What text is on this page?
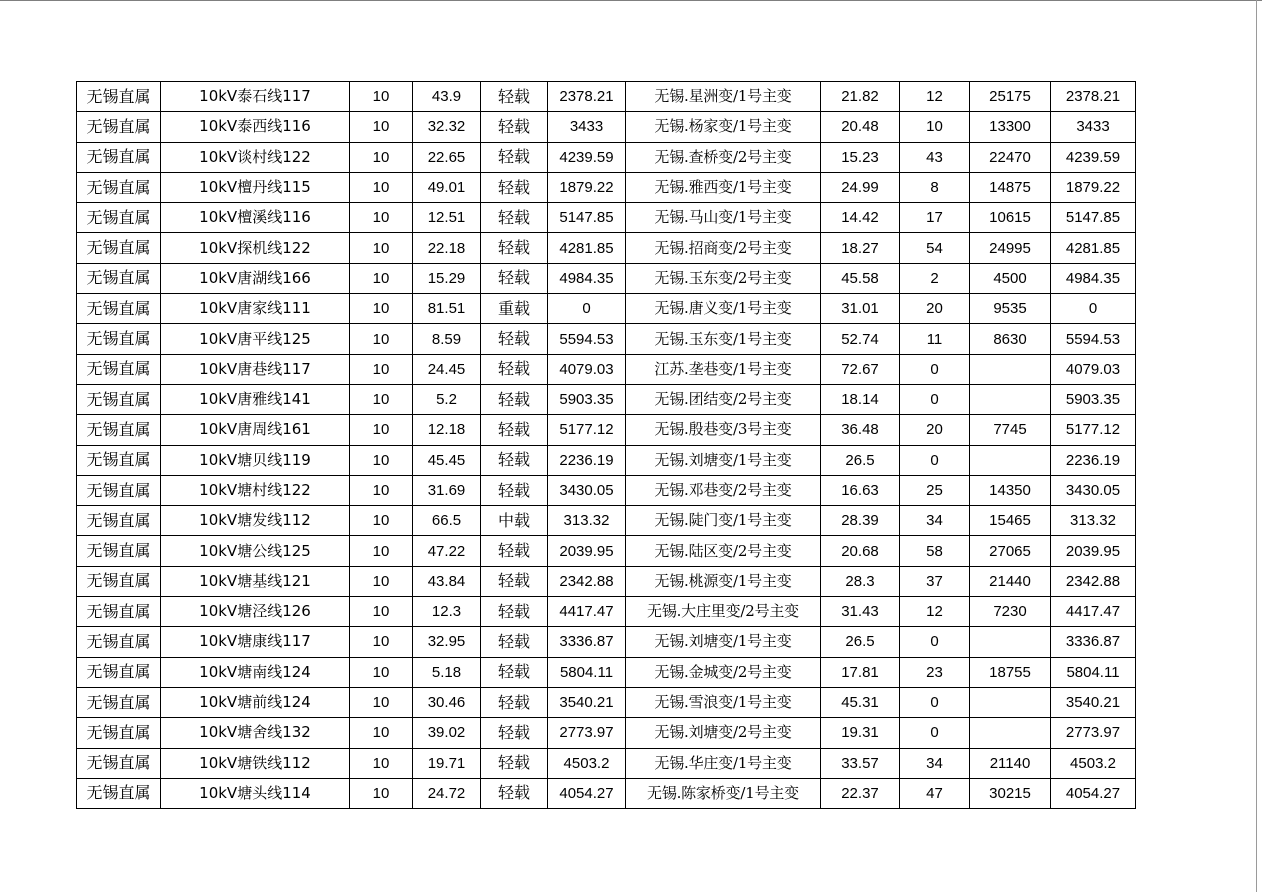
无锡直属	10kV泰石线117	10	43.9	轻载	2378.21	无锡.星洲变/1号主变	21.82	12	25175	2378.21
无锡直属	10kV泰西线116	10	32.32	轻载	3433	无锡.杨家变/1号主变	20.48	10	13300	3433
无锡直属	10kV谈村线122	10	22.65	轻载	4239.59	无锡.查桥变/2号主变	15.23	43	22470	4239.59
无锡直属	10kV檀丹线115	10	49.01	轻载	1879.22	无锡.雅西变/1号主变	24.99	8	14875	1879.22
无锡直属	10kV檀溪线116	10	12.51	轻载	5147.85	无锡.马山变/1号主变	14.42	17	10615	5147.85
无锡直属	10kV探机线122	10	22.18	轻载	4281.85	无锡.招商变/2号主变	18.27	54	24995	4281.85
无锡直属	10kV唐湖线166	10	15.29	轻载	4984.35	无锡.玉东变/2号主变	45.58	2	4500	4984.35
无锡直属	10kV唐家线111	10	81.51	重载	0	无锡.唐义变/1号主变	31.01	20	9535	0
无锡直属	10kV唐平线125	10	8.59	轻载	5594.53	无锡.玉东变/1号主变	52.74	11	8630	5594.53
无锡直属	10kV唐巷线117	10	24.45	轻载	4079.03	江苏.垄巷变/1号主变	72.67	0		4079.03
无锡直属	10kV唐雅线141	10	5.2	轻载	5903.35	无锡.团结变/2号主变	18.14	0		5903.35
无锡直属	10kV唐周线161	10	12.18	轻载	5177.12	无锡.殷巷变/3号主变	36.48	20	7745	5177.12
无锡直属	10kV塘贝线119	10	45.45	轻载	2236.19	无锡.刘塘变/1号主变	26.5	0		2236.19
无锡直属	10kV塘村线122	10	31.69	轻载	3430.05	无锡.邓巷变/2号主变	16.63	25	14350	3430.05
无锡直属	10kV塘发线112	10	66.5	中载	313.32	无锡.陡门变/1号主变	28.39	34	15465	313.32
无锡直属	10kV塘公线125	10	47.22	轻载	2039.95	无锡.陆区变/2号主变	20.68	58	27065	2039.95
无锡直属	10kV塘基线121	10	43.84	轻载	2342.88	无锡.桃源变/1号主变	28.3	37	21440	2342.88
无锡直属	10kV塘泾线126	10	12.3	轻载	4417.47	无锡.大庄里变/2号主变	31.43	12	7230	4417.47
无锡直属	10kV塘康线117	10	32.95	轻载	3336.87	无锡.刘塘变/1号主变	26.5	0		3336.87
无锡直属	10kV塘南线124	10	5.18	轻载	5804.11	无锡.金城变/2号主变	17.81	23	18755	5804.11
无锡直属	10kV塘前线124	10	30.46	轻载	3540.21	无锡.雪浪变/1号主变	45.31	0		3540.21
无锡直属	10kV塘舍线132	10	39.02	轻载	2773.97	无锡.刘塘变/2号主变	19.31	0		2773.97
无锡直属	10kV塘铁线112	10	19.71	轻载	4503.2	无锡.华庄变/1号主变	33.57	34	21140	4503.2
无锡直属	10kV塘头线114	10	24.72	轻载	4054.27	无锡.陈家桥变/1号主变	22.37	47	30215	4054.27
